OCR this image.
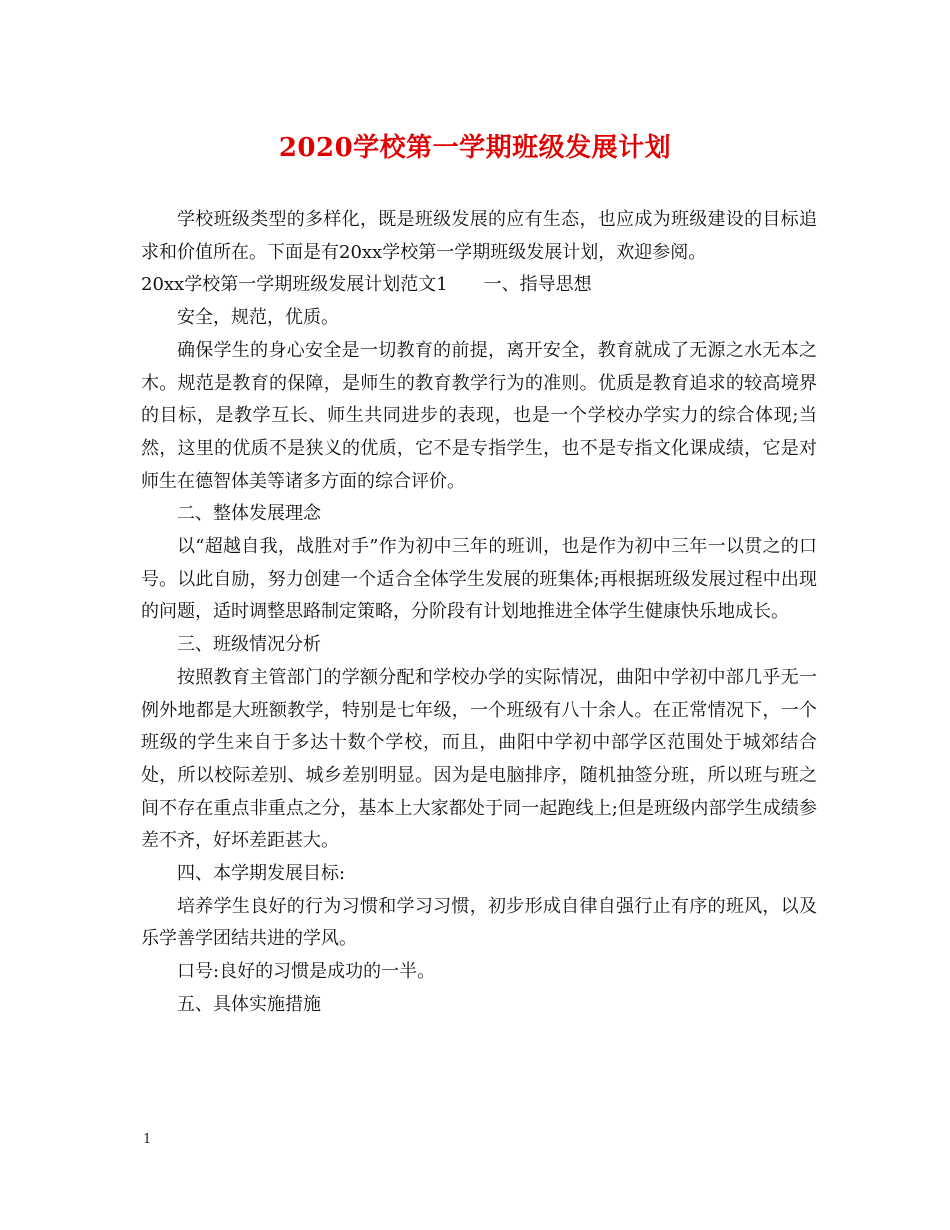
2020学校第一学期班级发展计划

学校班级类型的多样化，既是班级发展的应有生态，也应成为班级建设的目标追求和价值所在。下面是有20xx学校第一学期班级发展计划，欢迎参阅。

20xx学校第一学期班级发展计划范文1 一、指导思想

安全，规范，优质。

确保学生的身心安全是一切教育的前提，离开安全，教育就成了无源之水无本之木。规范是教育的保障，是师生的教育教学行为的准则。优质是教育追求的较高境界的目标，是教学互长、师生共同进步的表现，也是一个学校办学实力的综合体现;当然，这里的优质不是狭义的优质，它不是专指学生，也不是专指文化课成绩，它是对师生在德智体美等诸多方面的综合评价。

二、整体发展理念

以“超越自我，战胜对手”作为初中三年的班训，也是作为初中三年一以贯之的口号。以此自励，努力创建一个适合全体学生发展的班集体;再根据班级发展过程中出现的问题，适时调整思路制定策略，分阶段有计划地推进全体学生健康快乐地成长。

三、班级情况分析

按照教育主管部门的学额分配和学校办学的实际情况，曲阳中学初中部几乎无一例外地都是大班额教学，特别是七年级，一个班级有八十余人。在正常情况下，一个班级的学生来自于多达十数个学校，而且，曲阳中学初中部学区范围处于城郊结合处，所以校际差别、城乡差别明显。因为是电脑排序，随机抽签分班，所以班与班之间不存在重点非重点之分，基本上大家都处于同一起跑线上;但是班级内部学生成绩参差不齐，好坏差距甚大。

四、本学期发展目标:

培养学生良好的行为习惯和学习习惯，初步形成自律自强行止有序的班风，以及乐学善学团结共进的学风。

口号:良好的习惯是成功的一半。

五、具体实施措施

1
